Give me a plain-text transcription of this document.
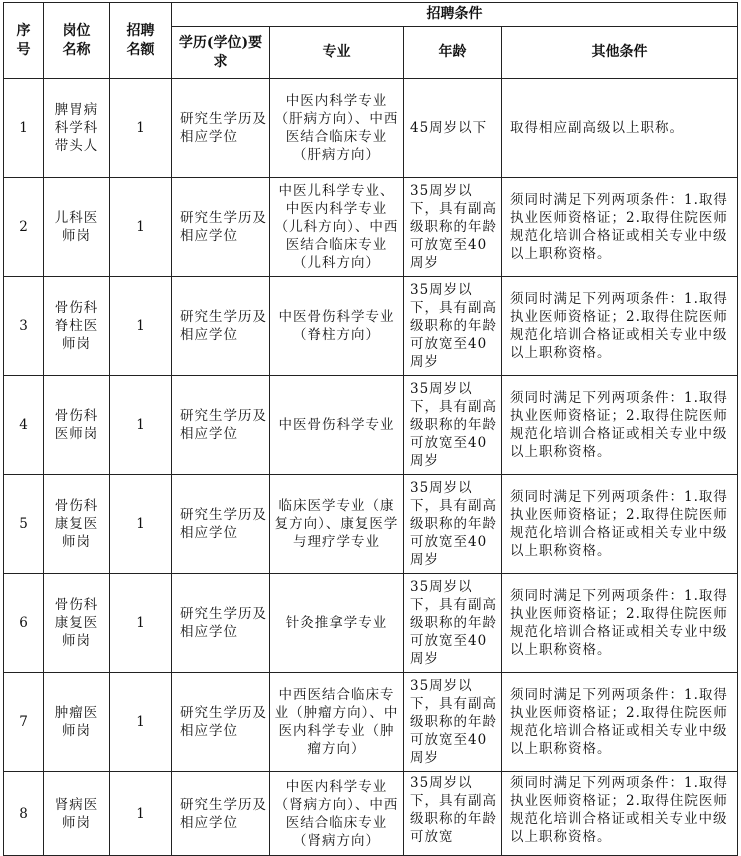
序号	岗位名称	招聘名额	招聘条件			
			学历(学位)要求	专业	年龄	其他条件
1	脾胃病科学科带头人	1	研究生学历及相应学位	中医内科学专业（肝病方向）、中西医结合临床专业（肝病方向）	45周岁以下	取得相应副高级以上职称。
2	儿科医师岗	1	研究生学历及相应学位	中医儿科学专业、中医内科学专业（儿科方向）、中西医结合临床专业（儿科方向）	35周岁以下，具有副高级职称的年龄可放宽至40周岁	须同时满足下列两项条件：1.取得执业医师资格证；2.取得住院医师规范化培训合格证或相关专业中级以上职称资格。
3	骨伤科脊柱医师岗	1	研究生学历及相应学位	中医骨伤科学专业（脊柱方向）	35周岁以下，具有副高级职称的年龄可放宽至40周岁	须同时满足下列两项条件：1.取得执业医师资格证；2.取得住院医师规范化培训合格证或相关专业中级以上职称资格。
4	骨伤科医师岗	1	研究生学历及相应学位	中医骨伤科学专业	35周岁以下，具有副高级职称的年龄可放宽至40周岁	须同时满足下列两项条件：1.取得执业医师资格证；2.取得住院医师规范化培训合格证或相关专业中级以上职称资格。
5	骨伤科康复医师岗	1	研究生学历及相应学位	临床医学专业（康复方向）、康复医学与理疗学专业	35周岁以下，具有副高级职称的年龄可放宽至40周岁	须同时满足下列两项条件：1.取得执业医师资格证；2.取得住院医师规范化培训合格证或相关专业中级以上职称资格。
6	骨伤科康复医师岗	1	研究生学历及相应学位	针灸推拿学专业	35周岁以下，具有副高级职称的年龄可放宽至40周岁	须同时满足下列两项条件：1.取得执业医师资格证；2.取得住院医师规范化培训合格证或相关专业中级以上职称资格。
7	肿瘤医师岗	1	研究生学历及相应学位	中西医结合临床专业（肿瘤方向）、中医内科学专业（肿瘤方向）	35周岁以下，具有副高级职称的年龄可放宽至40周岁	须同时满足下列两项条件：1.取得执业医师资格证；2.取得住院医师规范化培训合格证或相关专业中级以上职称资格。
8	肾病医师岗	1	研究生学历及相应学位	中医内科学专业（肾病方向）、中西医结合临床专业（肾病方向）	35周岁以下，具有副高级职称的年龄可放宽	须同时满足下列两项条件：1.取得执业医师资格证；2.取得住院医师规范化培训合格证或相关专业中级以上职称资格。
